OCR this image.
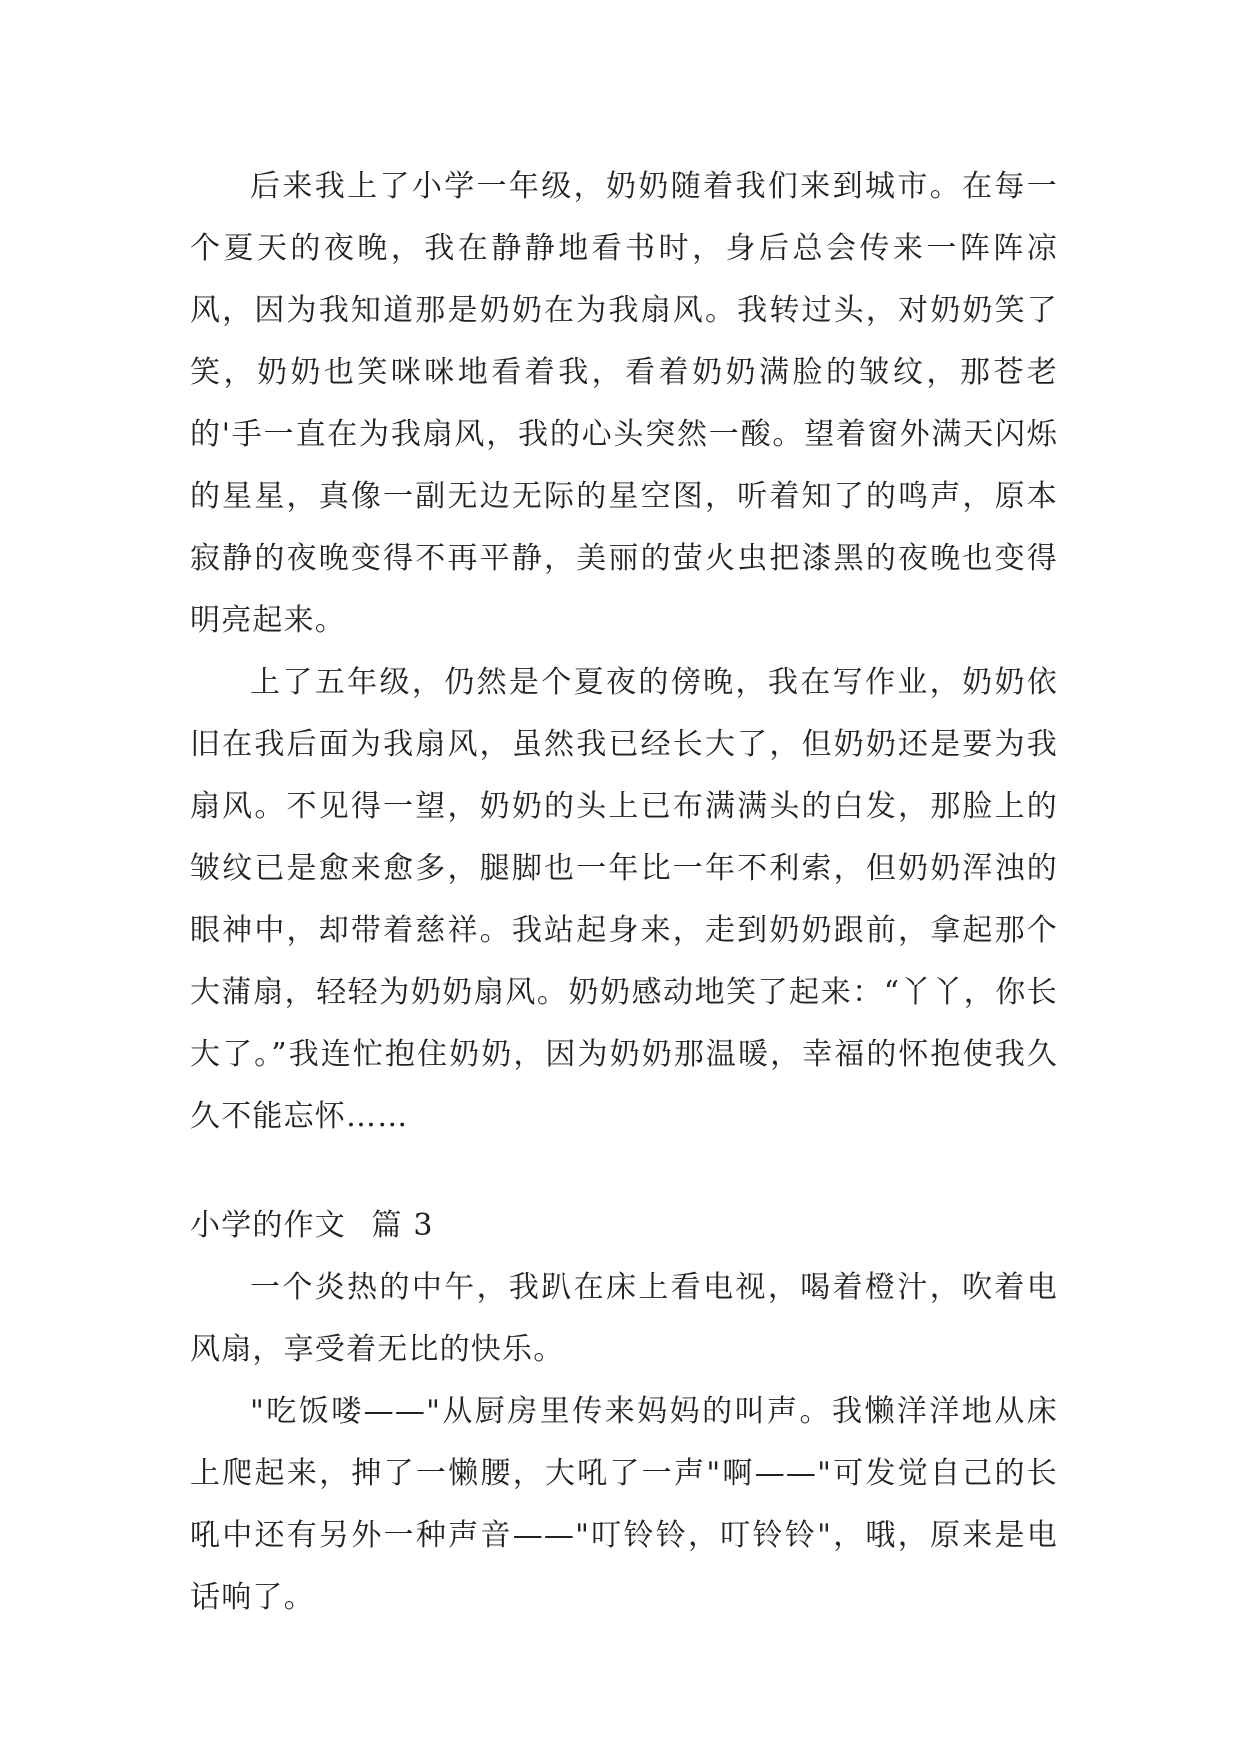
后来我上了小学一年级，奶奶随着我们来到城市。在每一个夏天的夜晚，我在静静地看书时，身后总会传来一阵阵凉风，因为我知道那是奶奶在为我扇风。我转过头，对奶奶笑了笑，奶奶也笑咪咪地看着我，看着奶奶满脸的皱纹，那苍老的'手一直在为我扇风，我的心头突然一酸。望着窗外满天闪烁的星星，真像一副无边无际的星空图，听着知了的鸣声，原本寂静的夜晚变得不再平静，美丽的萤火虫把漆黑的夜晚也变得明亮起来。

上了五年级，仍然是个夏夜的傍晚，我在写作业，奶奶依旧在我后面为我扇风，虽然我已经长大了，但奶奶还是要为我扇风。不见得一望，奶奶的头上已布满满头的白发，那脸上的皱纹已是愈来愈多，腿脚也一年比一年不利索，但奶奶浑浊的眼神中，却带着慈祥。我站起身来，走到奶奶跟前，拿起那个大蒲扇，轻轻为奶奶扇风。奶奶感动地笑了起来：“丫丫，你长大了。”我连忙抱住奶奶，因为奶奶那温暖，幸福的怀抱使我久久不能忘怀……

小学的作文 篇 3

一个炎热的中午，我趴在床上看电视，喝着橙汁，吹着电风扇，享受着无比的快乐。

"吃饭喽——"从厨房里传来妈妈的叫声。我懒洋洋地从床上爬起来，抻了一懒腰，大吼了一声"啊——"可发觉自己的长吼中还有另外一种声音——"叮铃铃，叮铃铃"，哦，原来是电话响了。
